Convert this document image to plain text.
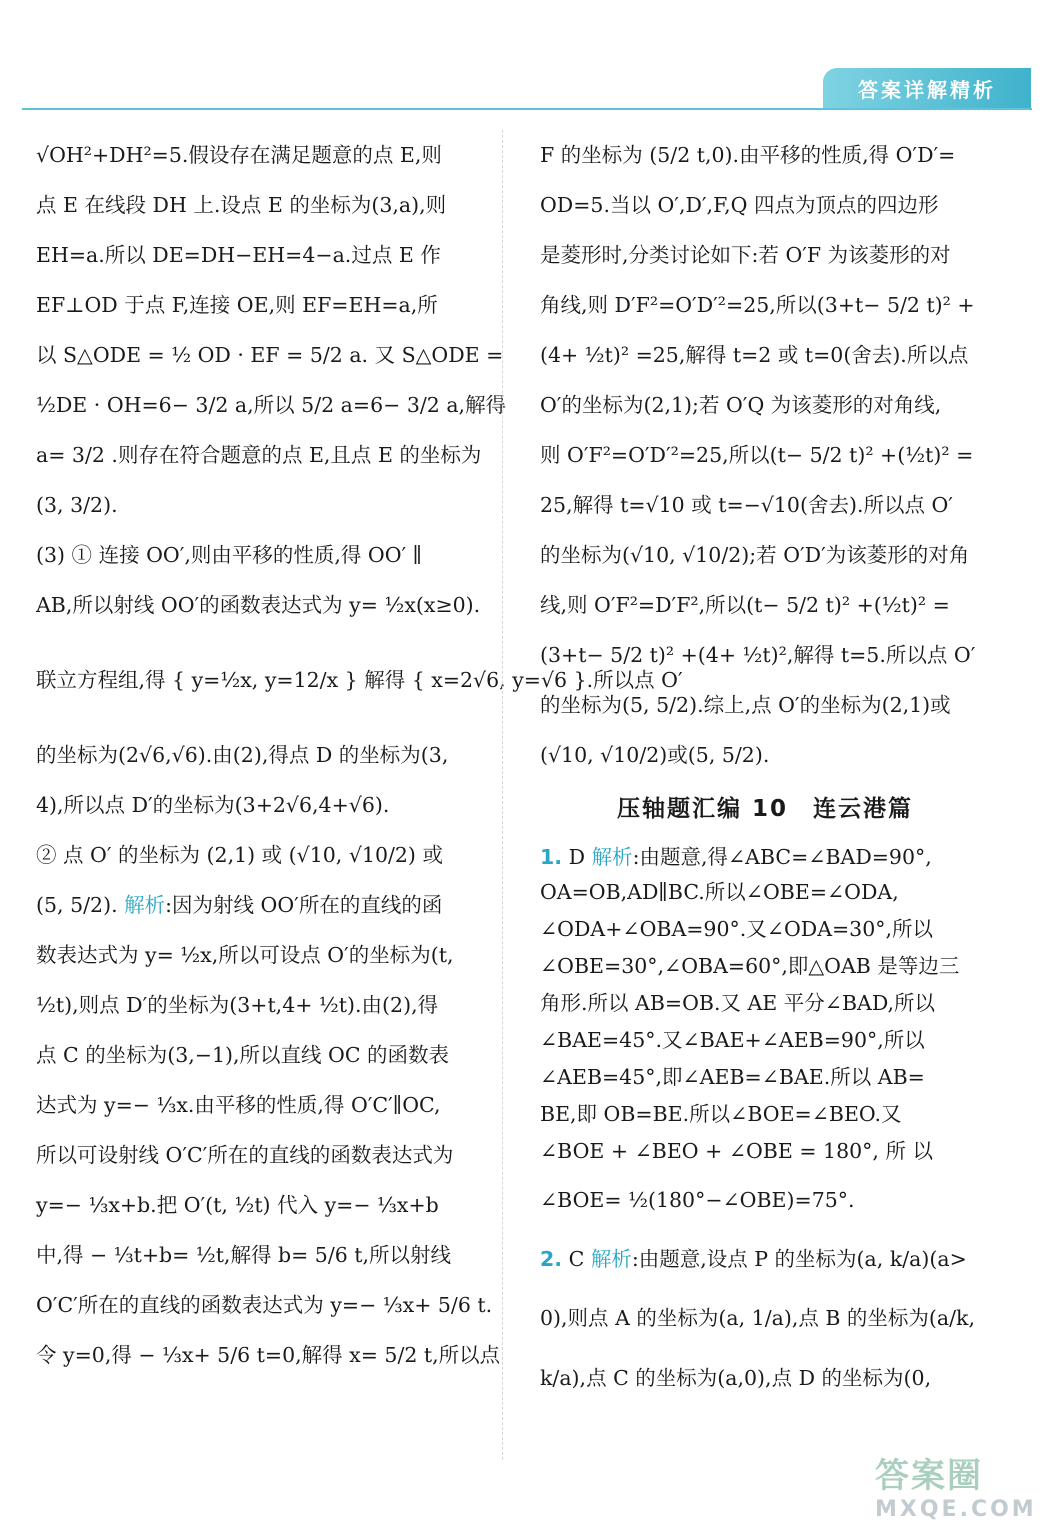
答案详解精析

√OH²+DH²=5.假设存在满足题意的点 E,则

点 E 在线段 DH 上.设点 E 的坐标为(3,a),则

EH=a.所以 DE=DH−EH=4−a.过点 E 作

EF⊥OD 于点 F,连接 OE,则 EF=EH=a,所

以 S△ODE = ½ OD · EF = 5/2 a. 又 S△ODE =

½DE · OH=6− 3/2 a,所以 5/2 a=6− 3/2 a,解得

a= 3/2 .则存在符合题意的点 E,且点 E 的坐标为

(3, 3/2).

(3) ① 连接 OO′,则由平移的性质,得 OO′ ∥

AB,所以射线 OO′的函数表达式为 y= ½x(x≥0).

联立方程组,得 { y=½x, y=12/x } 解得 { x=2√6, y=√6 }.所以点 O′

的坐标为(2√6,√6).由(2),得点 D 的坐标为(3,

4),所以点 D′的坐标为(3+2√6,4+√6).

② 点 O′ 的坐标为 (2,1) 或 (√10, √10/2) 或

(5, 5/2). 解析:因为射线 OO′所在的直线的函

数表达式为 y= ½x,所以可设点 O′的坐标为(t,

½t),则点 D′的坐标为(3+t,4+ ½t).由(2),得

点 C 的坐标为(3,−1),所以直线 OC 的函数表

达式为 y=− ⅓x.由平移的性质,得 O′C′∥OC,

所以可设射线 O′C′所在的直线的函数表达式为

y=− ⅓x+b.把 O′(t, ½t) 代入 y=− ⅓x+b

中,得 − ⅓t+b= ½t,解得 b= 5/6 t,所以射线

O′C′所在的直线的函数表达式为 y=− ⅓x+ 5/6 t.

令 y=0,得 − ⅓x+ 5/6 t=0,解得 x= 5/2 t,所以点

F 的坐标为 (5/2 t,0).由平移的性质,得 O′D′=

OD=5.当以 O′,D′,F,Q 四点为顶点的四边形

是菱形时,分类讨论如下:若 O′F 为该菱形的对

角线,则 D′F²=O′D′²=25,所以(3+t− 5/2 t)² +

(4+ ½t)² =25,解得 t=2 或 t=0(舍去).所以点

O′的坐标为(2,1);若 O′Q 为该菱形的对角线,

则 O′F²=O′D′²=25,所以(t− 5/2 t)² +(½t)² =

25,解得 t=√10 或 t=−√10(舍去).所以点 O′

的坐标为(√10, √10/2);若 O′D′为该菱形的对角

线,则 O′F²=D′F²,所以(t− 5/2 t)² +(½t)² =

(3+t− 5/2 t)² +(4+ ½t)²,解得 t=5.所以点 O′

的坐标为(5, 5/2).综上,点 O′的坐标为(2,1)或

(√10, √10/2)或(5, 5/2).

压轴题汇编 10　连云港篇

1. D 解析:由题意,得∠ABC=∠BAD=90°,

OA=OB,AD∥BC.所以∠OBE=∠ODA,

∠ODA+∠OBA=90°.又∠ODA=30°,所以

∠OBE=30°,∠OBA=60°,即△OAB 是等边三

角形.所以 AB=OB.又 AE 平分∠BAD,所以

∠BAE=45°.又∠BAE+∠AEB=90°,所以

∠AEB=45°,即∠AEB=∠BAE.所以 AB=

BE,即 OB=BE.所以∠BOE=∠BEO.又

∠BOE + ∠BEO + ∠OBE = 180°, 所 以

∠BOE= ½(180°−∠OBE)=75°.

2. C 解析:由题意,设点 P 的坐标为(a, k/a)(a>

0),则点 A 的坐标为(a, 1/a),点 B 的坐标为(a/k,

k/a),点 C 的坐标为(a,0),点 D 的坐标为(0,

答案圈
MXQE.COM
